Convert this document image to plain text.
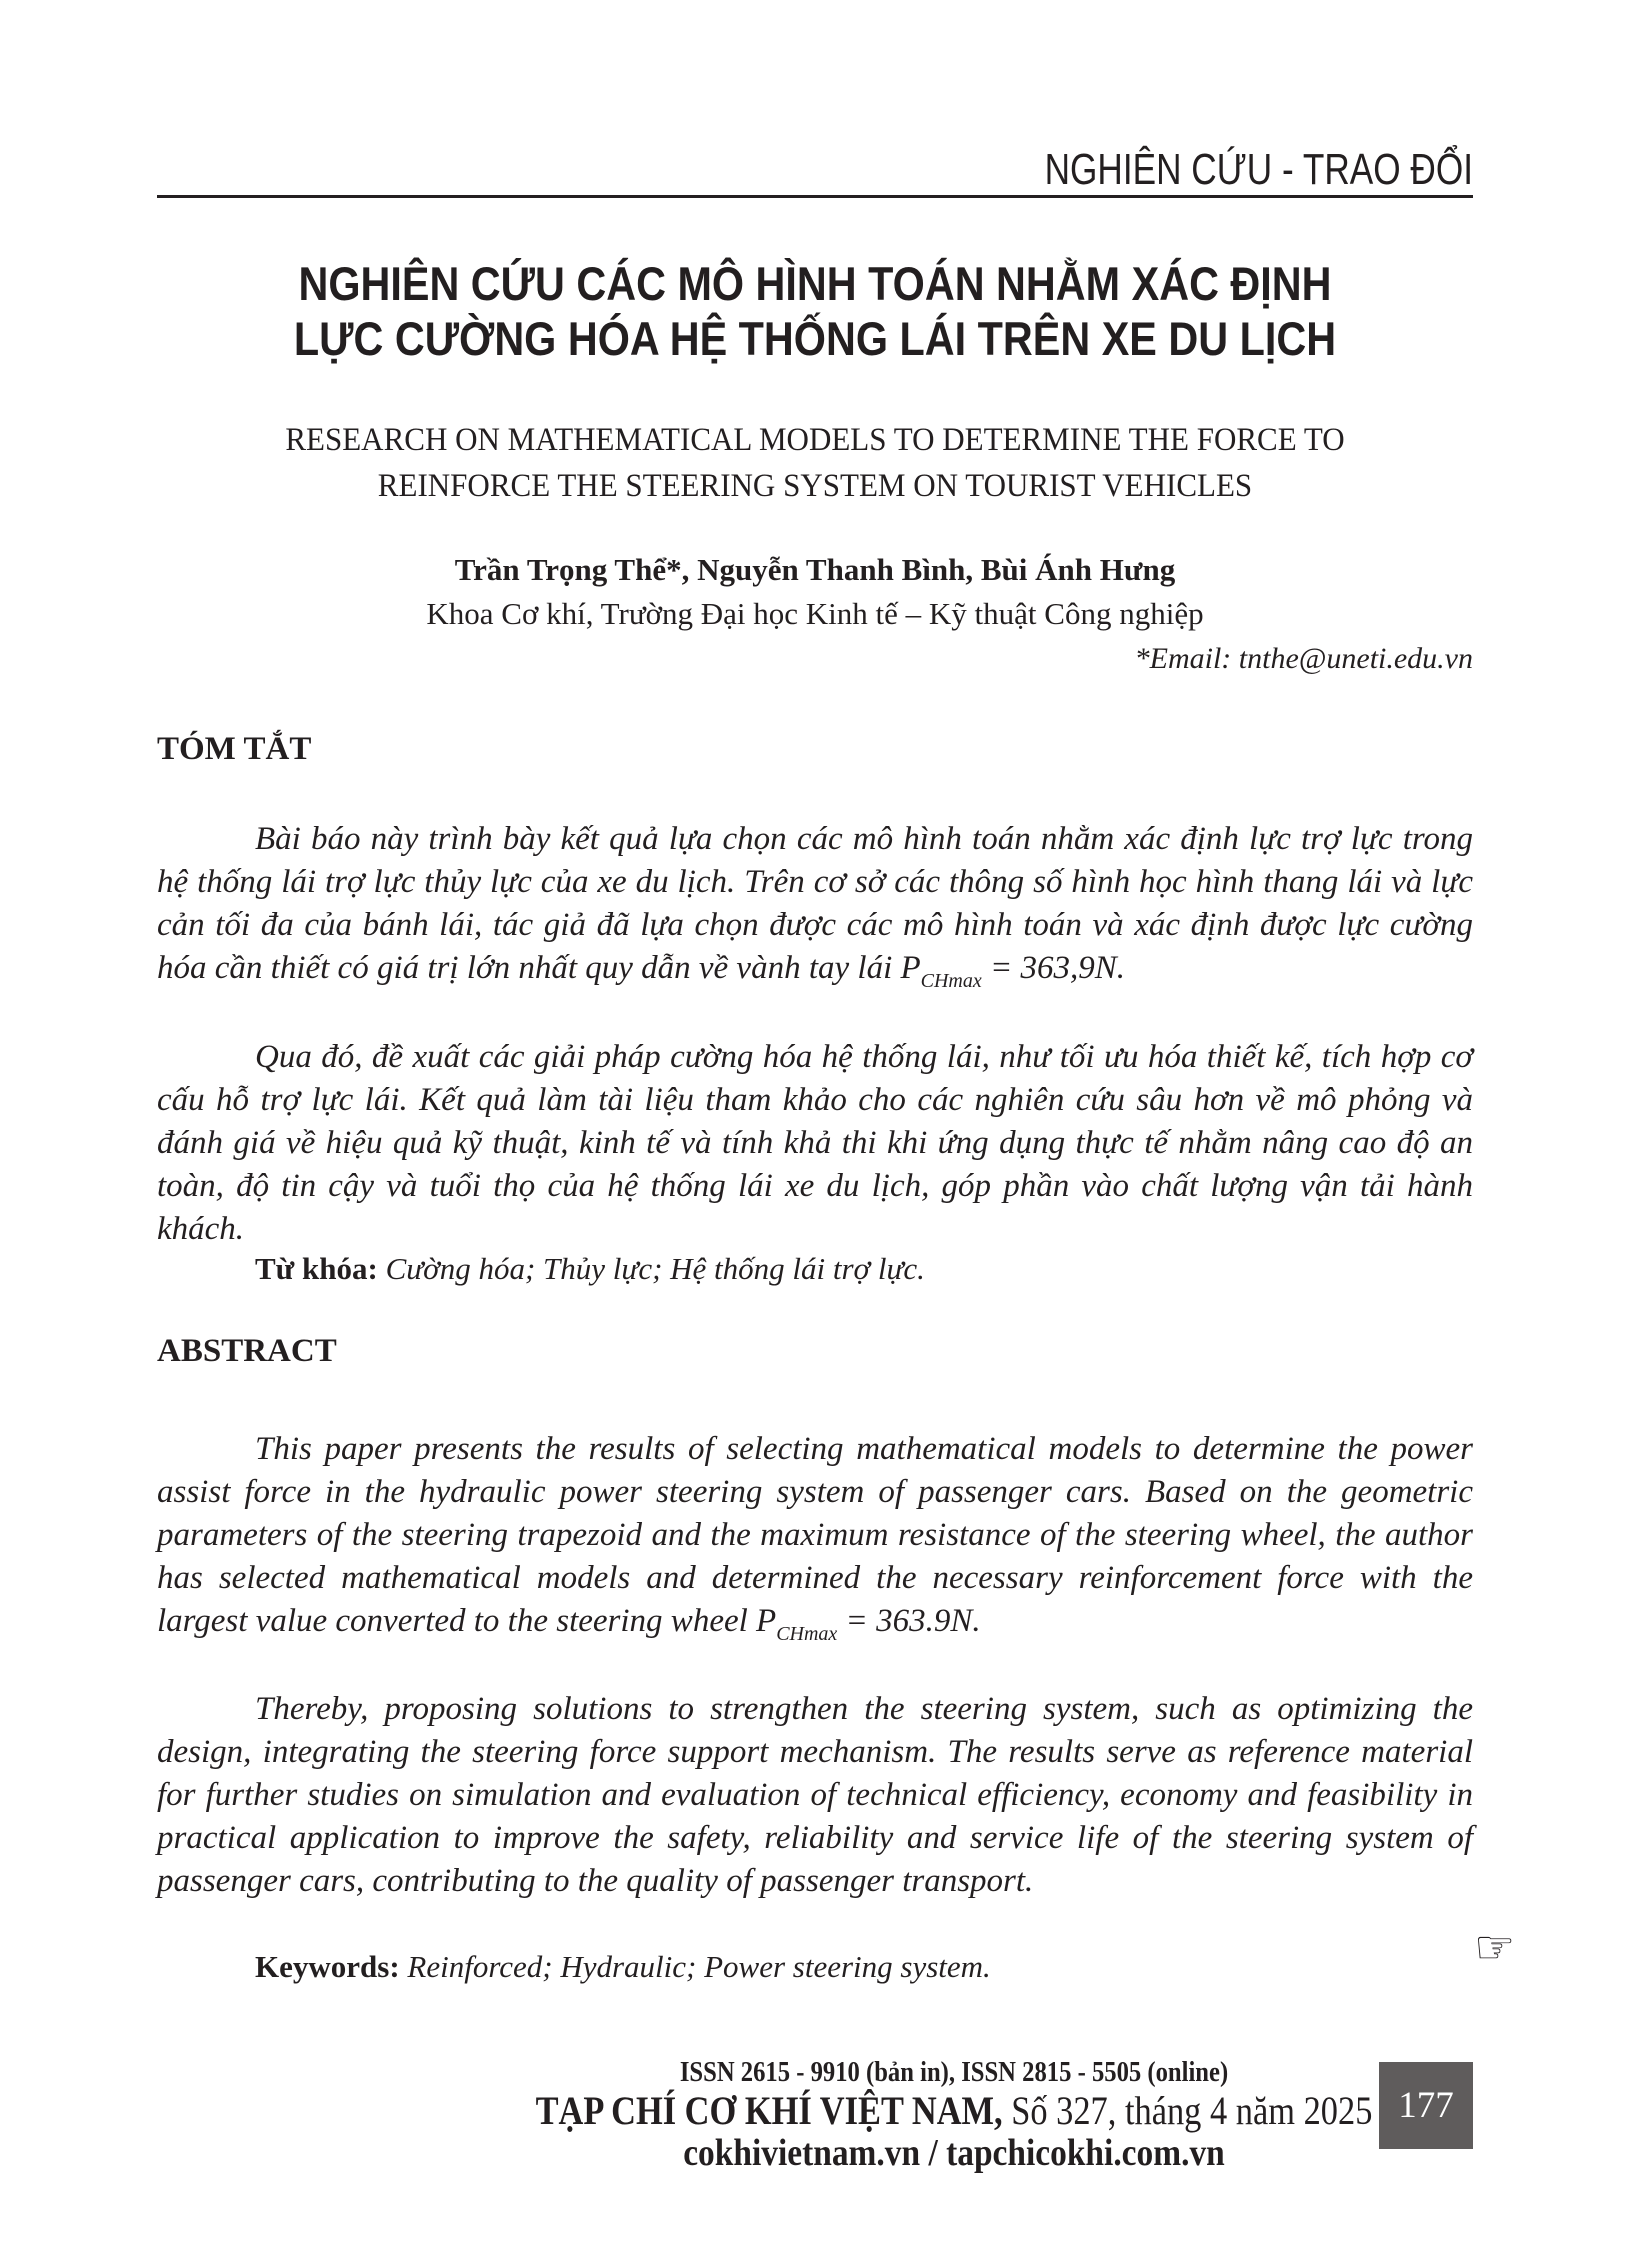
NGHIÊN CỨU - TRAO ĐỔI
NGHIÊN CỨU CÁC MÔ HÌNH TOÁN NHẰM XÁC ĐỊNH
LỰC CƯỜNG HÓA HỆ THỐNG LÁI TRÊN XE DU LỊCH
RESEARCH ON MATHEMATICAL MODELS TO DETERMINE THE FORCE TO
REINFORCE THE STEERING SYSTEM ON TOURIST VEHICLES
Trần Trọng Thể*, Nguyễn Thanh Bình, Bùi Ánh Hưng
Khoa Cơ khí, Trường Đại học Kinh tế – Kỹ thuật Công nghiệp
*Email: tnthe@uneti.edu.vn
TÓM TẮT

Bài báo này trình bày kết quả lựa chọn các mô hình toán nhằm xác định lực trợ lực trong hệ thống lái trợ lực thủy lực của xe du lịch. Trên cơ sở các thông số hình học hình thang lái và lực cản tối đa của bánh lái, tác giả đã lựa chọn được các mô hình toán và xác định được lực cường hóa cần thiết có giá trị lớn nhất quy dẫn về vành tay lái $P_{CHmax} = 363,9N$.

Qua đó, đề xuất các giải pháp cường hóa hệ thống lái, như tối ưu hóa thiết kế, tích hợp cơ cấu hỗ trợ lực lái. Kết quả làm tài liệu tham khảo cho các nghiên cứu sâu hơn về mô phỏng và đánh giá về hiệu quả kỹ thuật, kinh tế và tính khả thi khi ứng dụng thực tế nhằm nâng cao độ an toàn, độ tin cậy và tuổi thọ của hệ thống lái xe du lịch, góp phần vào chất lượng vận tải hành khách.

Từ khóa: Cường hóa; Thủy lực; Hệ thống lái trợ lực.

ABSTRACT

This paper presents the results of selecting mathematical models to determine the power assist force in the hydraulic power steering system of passenger cars. Based on the geometric parameters of the steering trapezoid and the maximum resistance of the steering wheel, the author has selected mathematical models and determined the necessary reinforcement force with the largest value converted to the steering wheel $P_{CHmax} = 363.9N$.

Thereby, proposing solutions to strengthen the steering system, such as optimizing the design, integrating the steering force support mechanism. The results serve as reference material for further studies on simulation and evaluation of technical efficiency, economy and feasibility in practical application to improve the safety, reliability and service life of the steering system of passenger cars, contributing to the quality of passenger transport.

Keywords: Reinforced; Hydraulic; Power steering system.	☞

ISSN 2615 - 9910 (bản in), ISSN 2815 - 5505 (online)

TẠP CHÍ CƠ KHÍ VIỆT NAM, Số 327, tháng 4 năm 2025

cokhivietnam.vn / tapchicokhi.com.vn

177
